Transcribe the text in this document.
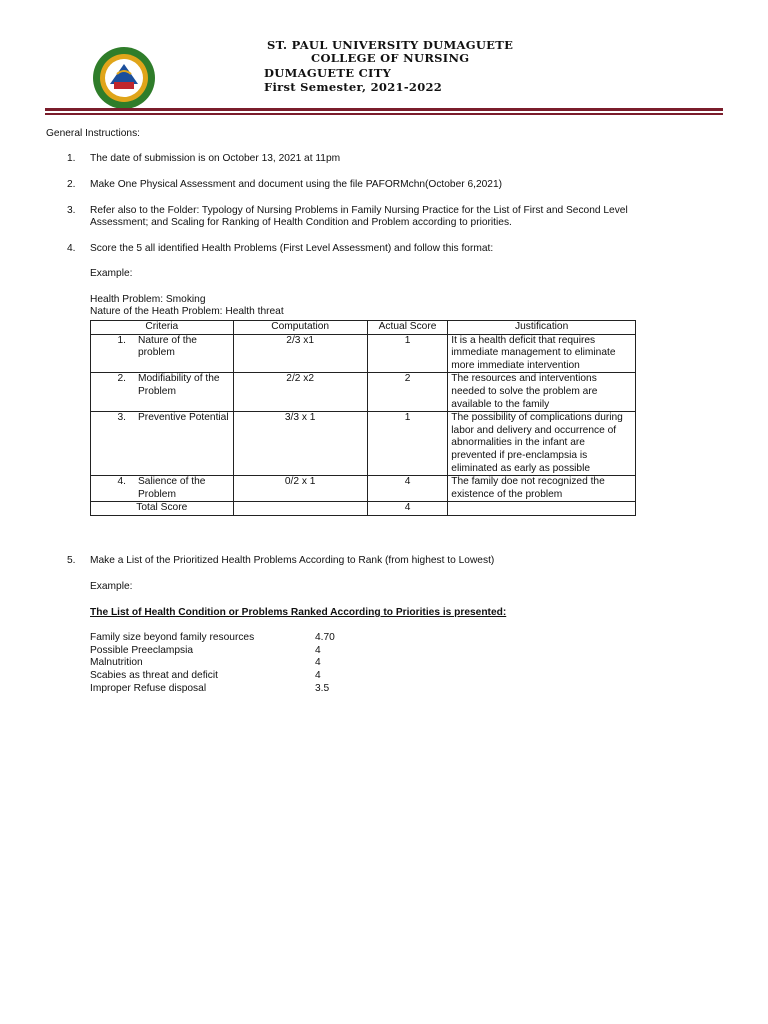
ST. PAUL UNIVERSITY DUMAGUETE
COLLEGE OF NURSING
DUMAGUETE CITY
First Semester, 2021-2022
General Instructions:
1. The date of submission is on October 13, 2021 at 11pm
2. Make One Physical Assessment and document using the file PAFORMchn(October 6,2021)
3. Refer also to the Folder: Typology of Nursing Problems in Family Nursing Practice for the List of First and Second Level
Assessment; and Scaling for Ranking of Health Condition and Problem according to priorities.
4. Score the 5 all identified Health Problems (First Level Assessment) and follow this format:
Example:
Health Problem: Smoking
Nature of the Heath Problem: Health threat
Criteria	Computation	Actual Score	Justification

1. Nature of the problem	2/3 x1	1	It is a health deficit that requires immediate management to eliminate more immediate intervention

2. Modifiability of the Problem	2/2 x2	2	The resources and interventions needed to solve the problem are available to the family

3. Preventive Potential	3/3 x 1	1	The possibility of complications during labor and delivery and occurrence of abnormalities in the infant are prevented if pre-enclampsia is eliminated as early as possible

4. Salience of the Problem	0/2 x 1	4	The family doe not recognized the existence of the problem
Total Score		4	
5. Make a List of the Prioritized Health Problems According to Rank (from highest to Lowest)
Example:
The List of Health Condition or Problems Ranked According to Priorities is presented:
Family size beyond family resources	4.70
Possible Preeclampsia	4
Malnutrition	4
Scabies as threat and deficit	4
Improper Refuse disposal	3.5
